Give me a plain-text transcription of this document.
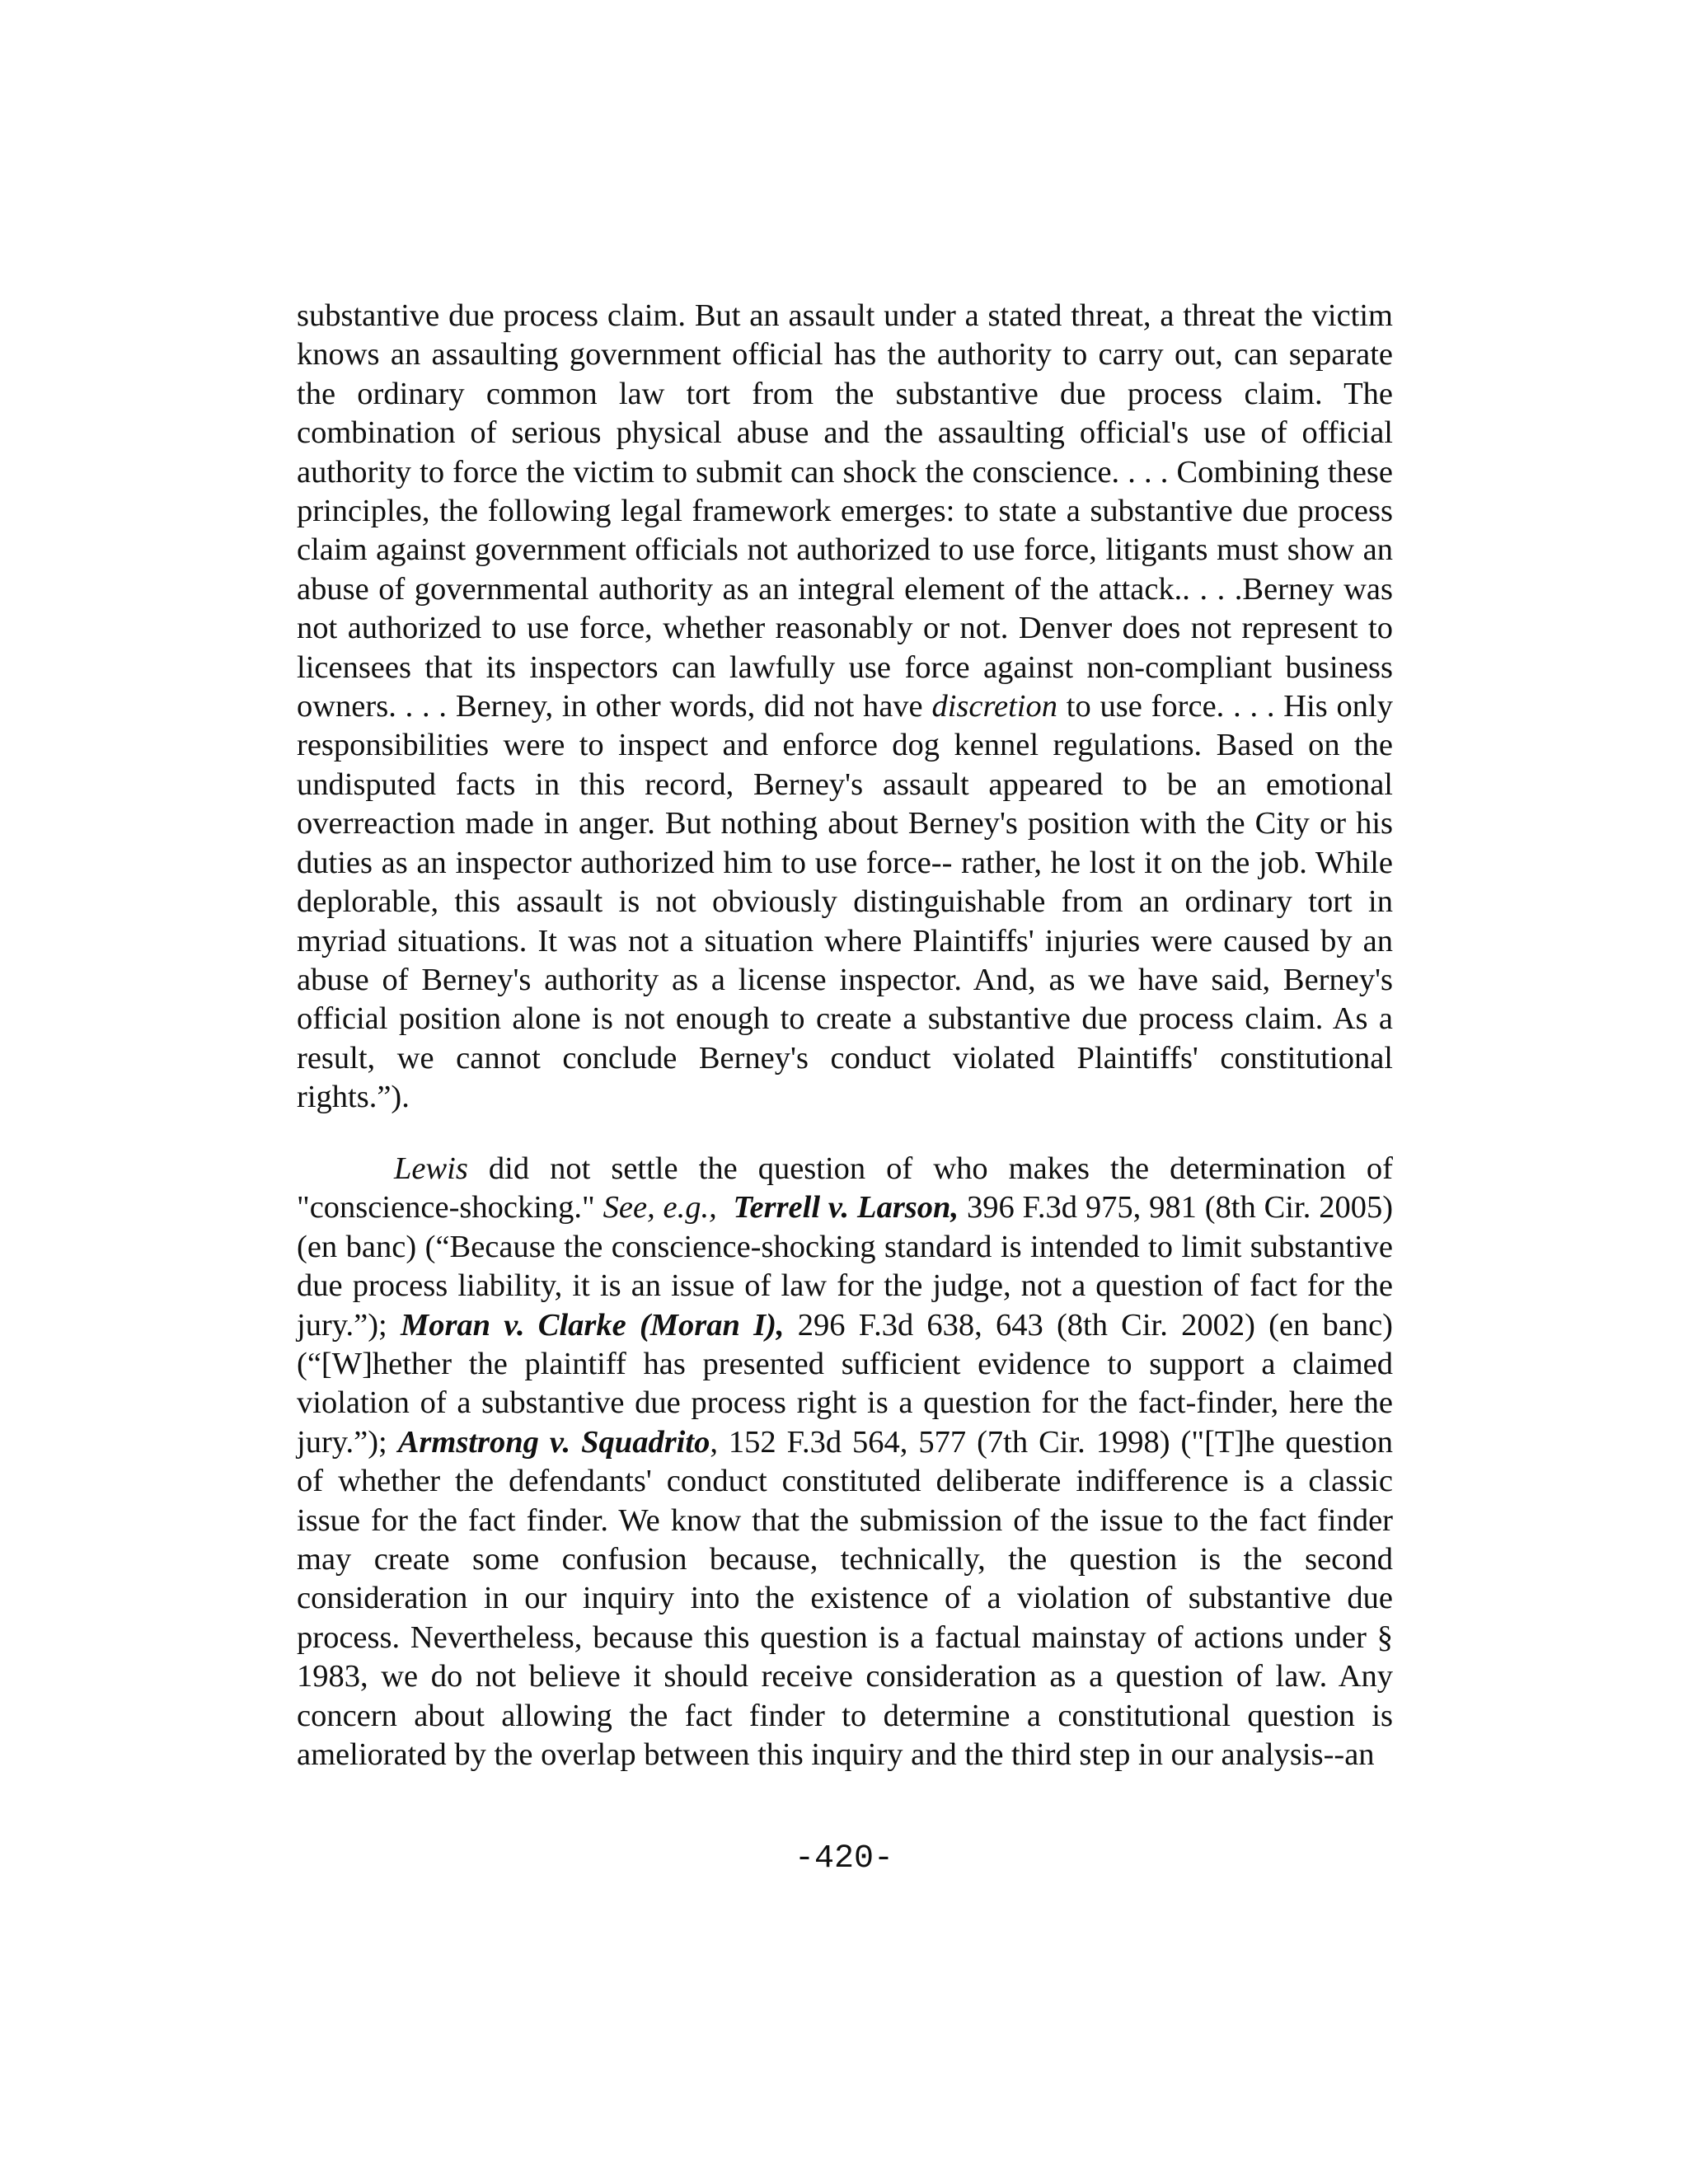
substantive due process claim. But an assault under a stated threat, a threat the victim knows an assaulting government official has the authority to carry out, can separate the ordinary common law tort from the substantive due process claim. The combination of serious physical abuse and the assaulting official's use of official authority to force the victim to submit can shock the conscience. . . . Combining these principles, the following legal framework emerges: to state a substantive due process claim against government officials not authorized to use force, litigants must show an abuse of governmental authority as an integral element of the attack.. . . .Berney was not authorized to use force, whether reasonably or not. Denver does not represent to licensees that its inspectors can lawfully use force against non-compliant business owners. . . . Berney, in other words, did not have discretion to use force. . . . His only responsibilities were to inspect and enforce dog kennel regulations. Based on the undisputed facts in this record, Berney's assault appeared to be an emotional overreaction made in anger. But nothing about Berney's position with the City or his duties as an inspector authorized him to use force-- rather, he lost it on the job. While deplorable, this assault is not obviously distinguishable from an ordinary tort in myriad situations. It was not a situation where Plaintiffs' injuries were caused by an abuse of Berney's authority as a license inspector. And, as we have said, Berney's official position alone is not enough to create a substantive due process claim. As a result, we cannot conclude Berney's conduct violated Plaintiffs' constitutional rights.”).

Lewis did not settle the question of who makes the determination of "conscience-shocking." See, e.g., Terrell v. Larson, 396 F.3d 975, 981 (8th Cir. 2005) (en banc) (“Because the conscience-shocking standard is intended to limit substantive due process liability, it is an issue of law for the judge, not a question of fact for the jury.”); Moran v. Clarke (Moran I), 296 F.3d 638, 643 (8th Cir. 2002) (en banc) (“[W]hether the plaintiff has presented sufficient evidence to support a claimed violation of a substantive due process right is a question for the fact-finder, here the jury.”); Armstrong v. Squadrito, 152 F.3d 564, 577 (7th Cir. 1998) ("[T]he question of whether the defendants' conduct constituted deliberate indifference is a classic issue for the fact finder. We know that the submission of the issue to the fact finder may create some confusion because, technically, the question is the second consideration in our inquiry into the existence of a violation of substantive due process. Nevertheless, because this question is a factual mainstay of actions under § 1983, we do not believe it should receive consideration as a question of law. Any concern about allowing the fact finder to determine a constitutional question is ameliorated by the overlap between this inquiry and the third step in our analysis--an

-420-
